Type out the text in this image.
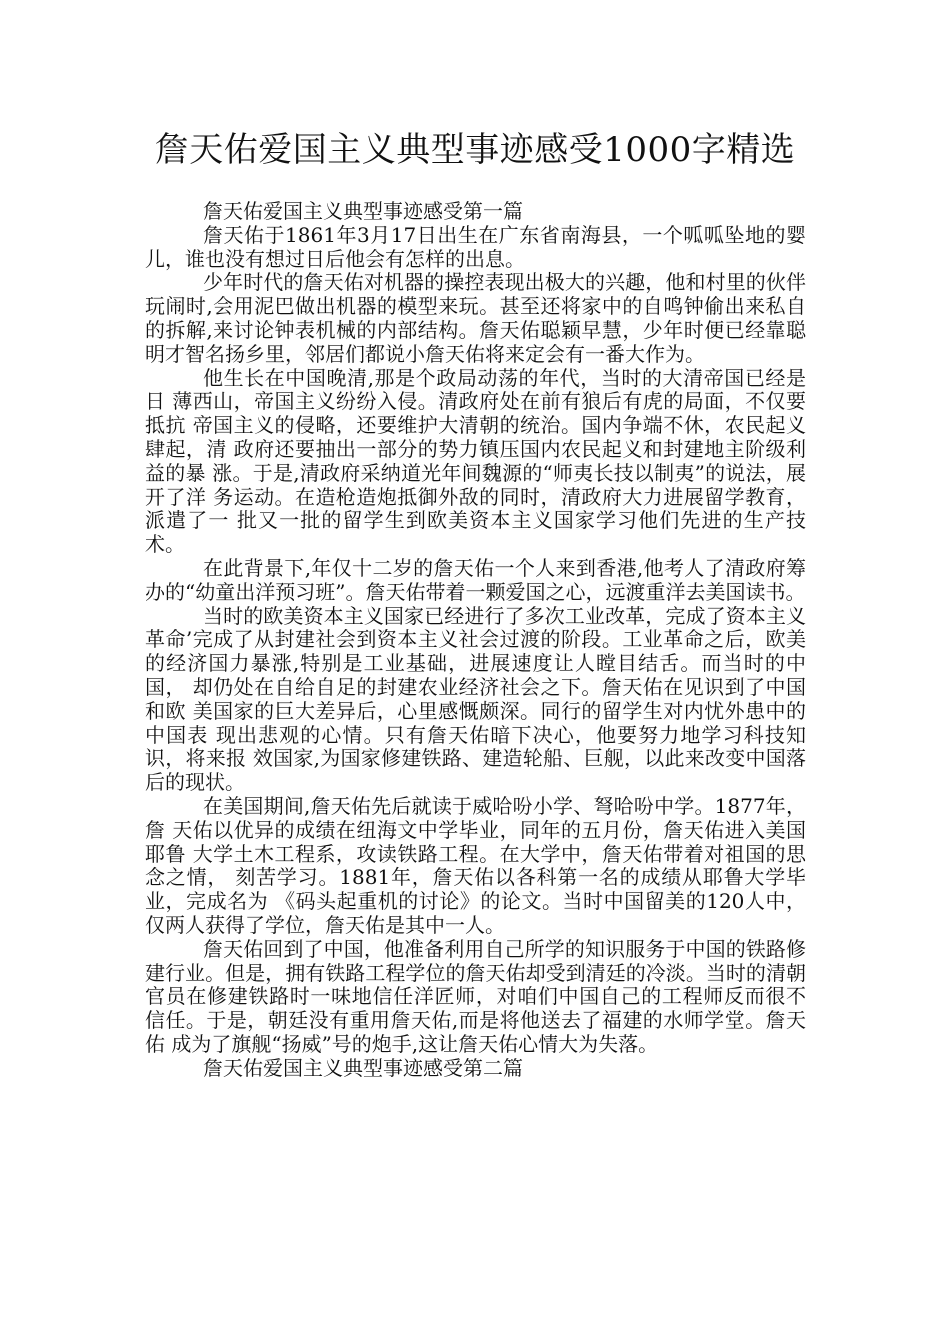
詹天佑爱国主义典型事迹感受1000字精选

詹天佑爱国主义典型事迹感受第一篇

詹天佑于1861年3月17日出生在广东省南海县，一个呱呱坠地的婴 儿，谁也没有想过日后他会有怎样的出息。

少年时代的詹天佑对机器的操控表现出极大的兴趣，他和村里的伙伴 玩闹时,会用泥巴做出机器的模型来玩。甚至还将家中的自鸣钟偷出来私自 的拆解,来讨论钟表机械的内部结构。詹天佑聪颖早慧，少年时便已经靠聪 明才智名扬乡里，邻居们都说小詹天佑将来定会有一番大作为。

他生长在中国晚清,那是个政局动荡的年代，当时的大清帝国已经是日 薄西山，帝国主义纷纷入侵。清政府处在前有狼后有虎的局面，不仅要抵抗 帝国主义的侵略，还要维护大清朝的统治。国内争端不休，农民起义肆起，清 政府还要抽出一部分的势力镇压国内农民起义和封建地主阶级利益的暴 涨。于是,清政府采纳道光年间魏源的“师夷长技以制夷”的说法，展开了洋 务运动。在造枪造炮抵御外敌的同时，清政府大力进展留学教育，派遣了一 批又一批的留学生到欧美资本主义国家学习他们先进的生产技术。

在此背景下,年仅十二岁的詹天佑一个人来到香港,他考人了清政府筹 办的“幼童出洋预习班”。詹天佑带着一颗爱国之心，远渡重洋去美国读书。

当时的欧美资本主义国家已经进行了多次工业改革，完成了资本主义 革命’完成了从封建社会到资本主义社会过渡的阶段。工业革命之后，欧美 的经济国力暴涨,特别是工业基础，进展速度让人瞠目结舌。而当时的中国， 却仍处在自给自足的封建农业经济社会之下。詹天佑在见识到了中国和欧 美国家的巨大差异后，心里感慨颇深。同行的留学生对内忧外患中的中国表 现出悲观的心情。只有詹天佑暗下决心，他要努力地学习科技知识，将来报 效国家,为国家修建铁路、建造轮船、巨舰，以此来改变中国落后的现状。

在美国期间,詹天佑先后就读于威哈吩小学、弩哈吩中学。1877年，詹 天佑以优异的成绩在纽海文中学毕业，同年的五月份，詹天佑进入美国耶鲁 大学土木工程系，攻读铁路工程。在大学中，詹天佑带着对祖国的思念之情， 刻苦学习。1881年，詹天佑以各科第一名的成绩从耶鲁大学毕业，完成名为 《码头起重机的讨论》的论文。当时中国留美的120人中，仅两人获得了学位，詹天佑是其中一人。

詹天佑回到了中国，他准备利用自己所学的知识服务于中国的铁路修 建行业。但是，拥有铁路工程学位的詹天佑却受到清廷的冷淡。当时的清朝 官员在修建铁路时一味地信任洋匠师，对咱们中国自己的工程师反而很不 信任。于是，朝廷没有重用詹天佑,而是将他送去了福建的水师学堂。詹天佑 成为了旗舰“扬威”号的炮手,这让詹天佑心情大为失落。

詹天佑爱国主义典型事迹感受第二篇
